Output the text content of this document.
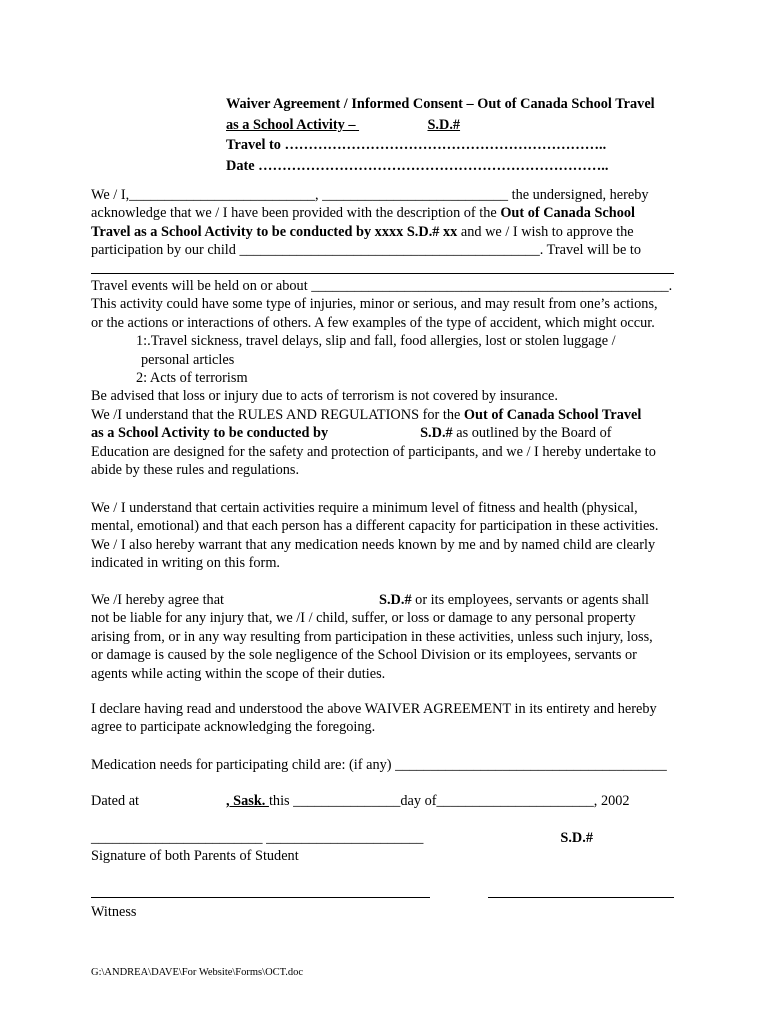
Waiver Agreement / Informed Consent – Out of Canada School Travel
as a School Activity –	S.D.#
Travel to …………………………………………………………..
Date ………………………………………………………………..
We / I,__________________________, __________________________ the undersigned, hereby
acknowledge that we / I have been provided with the description of the Out of Canada School
Travel as a School Activity to be conducted by xxxx S.D.# xx and we / I wish to approve the
participation by our child __________________________________________. Travel will be to
Travel events will be held on or about __________________________________________________.
This activity could have some type of injuries, minor or serious, and may result from one’s actions,
or the actions or interactions of others. A few examples of the type of accident, which might occur.
1:.Travel sickness, travel delays, slip and fall, food allergies, lost or stolen luggage /
personal articles
2: Acts of terrorism
Be advised that loss or injury due to acts of terrorism is not covered by insurance.
We /I understand that the RULES AND REGULATIONS for the Out of Canada School Travel
as a School Activity to be conducted by	S.D.# as outlined by the Board of
Education are designed for the safety and protection of participants, and we / I hereby undertake to
abide by these rules and regulations.
We / I understand that certain activities require a minimum level of fitness and health (physical,
mental, emotional) and that each person has a different capacity for participation in these activities.
We / I also hereby warrant that any medication needs known by me and by named child are clearly
indicated in writing on this form.
We /I hereby agree that	S.D.# or its employees, servants or agents shall
not be liable for any injury that, we /I / child, suffer, or loss or damage to any personal property
arising from, or in any way resulting from participation in these activities, unless such injury, loss,
or damage is caused by the sole negligence of the School Division or its employees, servants or
agents while acting within the scope of their duties.
I declare having read and understood the above WAIVER AGREEMENT in its entirety and hereby
agree to participate acknowledging the foregoing.
Medication needs for participating child are: (if any) ______________________________________
Dated at	, Sask. this _______________day of______________________, 2002
________________________ ______________________	S.D.#
Signature of both Parents of Student
Witness
G:\ANDREA\DAVE\For Website\Forms\OCT.doc
